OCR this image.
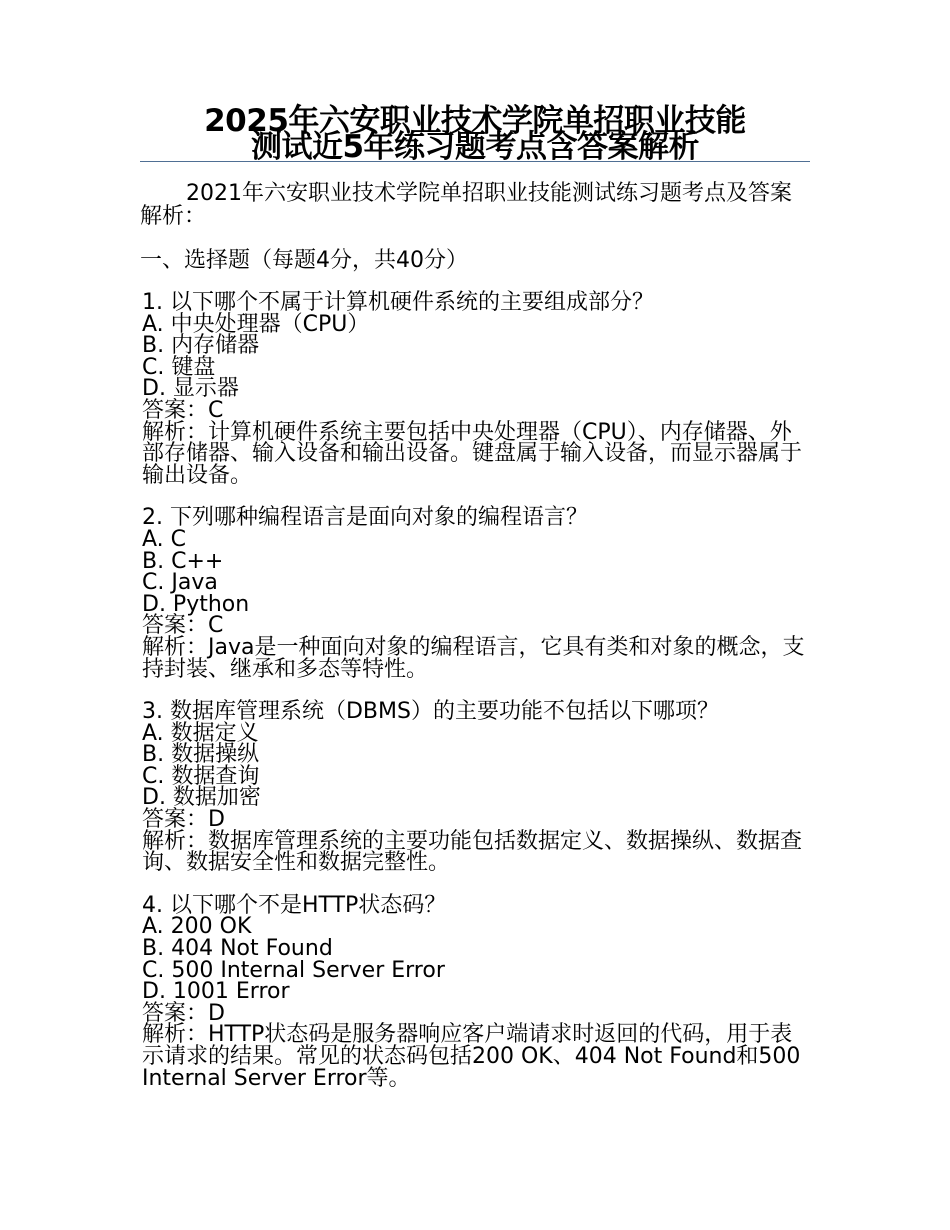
2025年六安职业技术学院单招职业技能
测试近5年练习题考点含答案解析
2021年六安职业技术学院单招职业技能测试练习题考点及答案解析：
一、选择题（每题4分，共40分）
1. 以下哪个不属于计算机硬件系统的主要组成部分？
A. 中央处理器（CPU）
B. 内存储器
C. 键盘
D. 显示器
答案：C
解析：计算机硬件系统主要包括中央处理器（CPU）、内存储器、外部存储器、输入设备和输出设备。键盘属于输入设备，而显示器属于输出设备。
2. 下列哪种编程语言是面向对象的编程语言？
A. C
B. C++
C. Java
D. Python
答案：C
解析：Java是一种面向对象的编程语言，它具有类和对象的概念，支持封装、继承和多态等特性。
3. 数据库管理系统（DBMS）的主要功能不包括以下哪项？
A. 数据定义
B. 数据操纵
C. 数据查询
D. 数据加密
答案：D
解析：数据库管理系统的主要功能包括数据定义、数据操纵、数据查询、数据安全性和数据完整性。
4. 以下哪个不是HTTP状态码？
A. 200 OK
B. 404 Not Found
C. 500 Internal Server Error
D. 1001 Error
答案：D
解析：HTTP状态码是服务器响应客户端请求时返回的代码，用于表示请求的结果。常见的状态码包括200 OK、404 Not Found和500 Internal Server Error等。
